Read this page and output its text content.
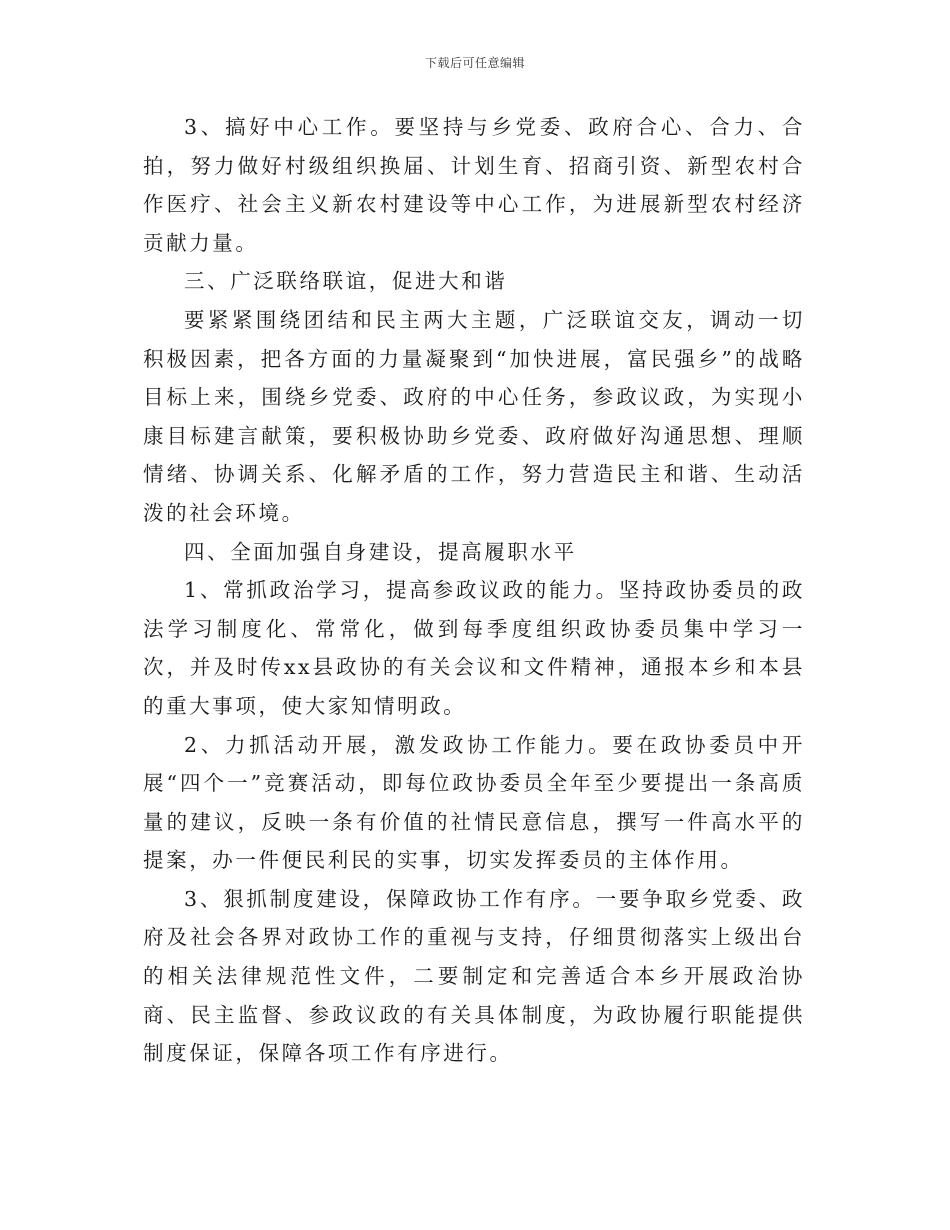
下载后可任意编辑

3、搞好中心工作。要坚持与乡党委、政府合心、合力、合拍，努力做好村级组织换届、计划生育、招商引资、新型农村合作医疗、社会主义新农村建设等中心工作，为进展新型农村经济贡献力量。

三、广泛联络联谊，促进大和谐

要紧紧围绕团结和民主两大主题，广泛联谊交友，调动一切积极因素，把各方面的力量凝聚到“加快进展，富民强乡”的战略目标上来，围绕乡党委、政府的中心任务，参政议政，为实现小康目标建言献策，要积极协助乡党委、政府做好沟通思想、理顺情绪、协调关系、化解矛盾的工作，努力营造民主和谐、生动活泼的社会环境。

四、全面加强自身建设，提高履职水平

1、常抓政治学习，提高参政议政的能力。坚持政协委员的政法学习制度化、常常化，做到每季度组织政协委员集中学习一次，并及时传xx县政协的有关会议和文件精神，通报本乡和本县的重大事项，使大家知情明政。

2、力抓活动开展，激发政协工作能力。要在政协委员中开展“四个一”竞赛活动，即每位政协委员全年至少要提出一条高质量的建议，反映一条有价值的社情民意信息，撰写一件高水平的提案，办一件便民利民的实事，切实发挥委员的主体作用。

3、狠抓制度建设，保障政协工作有序。一要争取乡党委、政府及社会各界对政协工作的重视与支持，仔细贯彻落实上级出台的相关法律规范性文件，二要制定和完善适合本乡开展政治协商、民主监督、参政议政的有关具体制度，为政协履行职能提供制度保证，保障各项工作有序进行。
